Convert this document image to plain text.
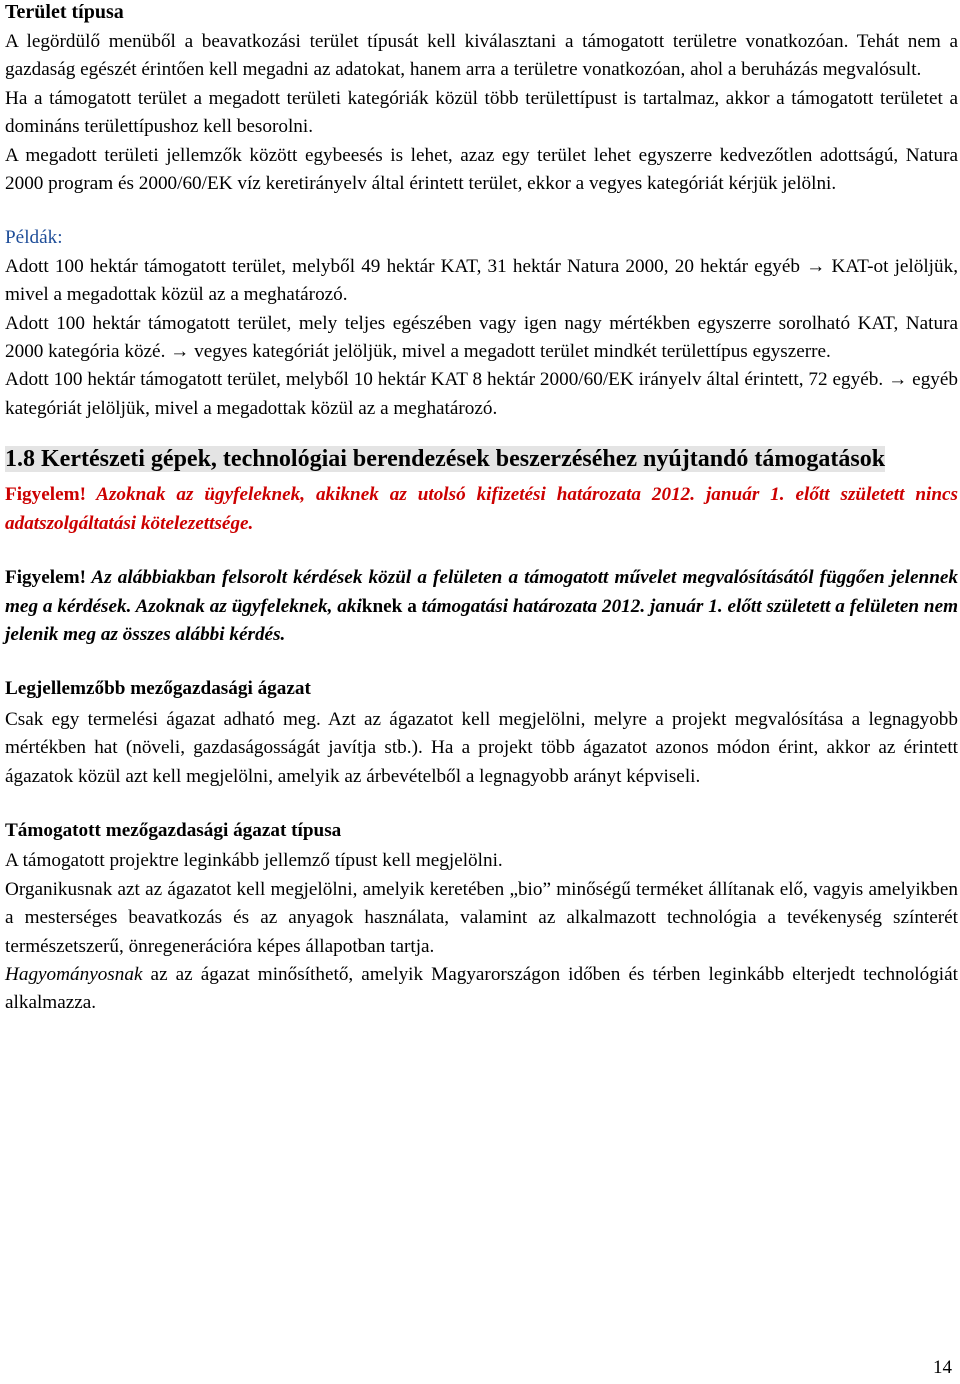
Terület típusa

A legördülő menüből a beavatkozási terület típusát kell kiválasztani a támogatott területre vonatkozóan. Tehát nem a gazdaság egészét érintően kell megadni az adatokat, hanem arra a területre vonatkozóan, ahol a beruházás megvalósult.

Ha a támogatott terület a megadott területi kategóriák közül több területtípust is tartalmaz, akkor a támogatott területet a domináns területtípushoz kell besorolni.

A megadott területi jellemzők között egybeesés is lehet, azaz egy terület lehet egyszerre kedvezőtlen adottságú, Natura 2000 program és 2000/60/EK víz keretirányelv által érintett terület, ekkor a vegyes kategóriát kérjük jelölni.

Példák:

Adott 100 hektár támogatott terület, melyből 49 hektár KAT, 31 hektár Natura 2000, 20 hektár egyéb → KAT-ot jelöljük, mivel a megadottak közül az a meghatározó.

Adott 100 hektár támogatott terület, mely teljes egészében vagy igen nagy mértékben egyszerre sorolható KAT, Natura 2000 kategória közé. → vegyes kategóriát jelöljük, mivel a megadott terület mindkét területtípus egyszerre.

Adott 100 hektár támogatott terület, melyből 10 hektár KAT 8 hektár 2000/60/EK irányelv által érintett, 72 egyéb. → egyéb kategóriát jelöljük, mivel a megadottak közül az a meghatározó.

1.8 Kertészeti gépek, technológiai berendezések beszerzéséhez nyújtandó támogatások

Figyelem! Azoknak az ügyfeleknek, akiknek az utolsó kifizetési határozata 2012. január 1. előtt született nincs adatszolgáltatási kötelezettsége.

Figyelem! Az alábbiakban felsorolt kérdések közül a felületen a támogatott művelet megvalósításától függően jelennek meg a kérdések. Azoknak az ügyfeleknek, akiknek a támogatási határozata 2012. január 1. előtt született a felületen nem jelenik meg az összes alábbi kérdés.

Legjellemzőbb mezőgazdasági ágazat

Csak egy termelési ágazat adható meg. Azt az ágazatot kell megjelölni, melyre a projekt megvalósítása a legnagyobb mértékben hat (növeli, gazdaságosságát javítja stb.). Ha a projekt több ágazatot azonos módon érint, akkor az érintett ágazatok közül azt kell megjelölni, amelyik az árbevételből a legnagyobb arányt képviseli.

Támogatott mezőgazdasági ágazat típusa

A támogatott projektre leginkább jellemző típust kell megjelölni.

Organikusnak azt az ágazatot kell megjelölni, amelyik keretében „bio” minőségű terméket állítanak elő, vagyis amelyikben a mesterséges beavatkozás és az anyagok használata, valamint az alkalmazott technológia a tevékenység színterét természetszerű, önregenerációra képes állapotban tartja.

Hagyományosnak az az ágazat minősíthető, amelyik Magyarországon időben és térben leginkább elterjedt technológiát alkalmazza.

14
